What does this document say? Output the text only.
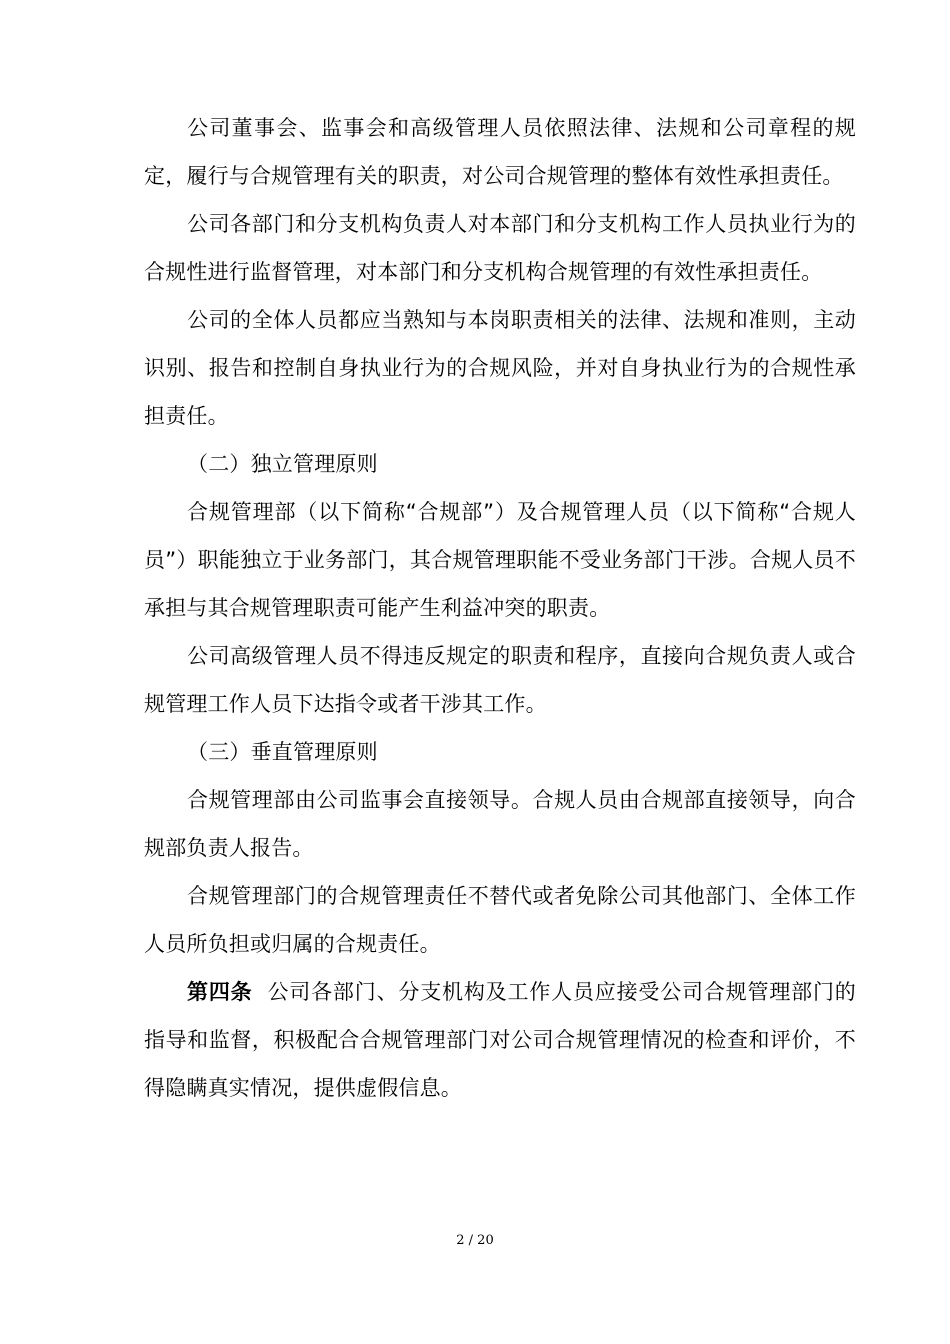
公司董事会、监事会和高级管理人员依照法律、法规和公司章程的规定，履行与合规管理有关的职责，对公司合规管理的整体有效性承担责任。

公司各部门和分支机构负责人对本部门和分支机构工作人员执业行为的合规性进行监督管理，对本部门和分支机构合规管理的有效性承担责任。

公司的全体人员都应当熟知与本岗职责相关的法律、法规和准则，主动识别、报告和控制自身执业行为的合规风险，并对自身执业行为的合规性承担责任。

（二）独立管理原则

合规管理部（以下简称“合规部”）及合规管理人员（以下简称“合规人员”）职能独立于业务部门，其合规管理职能不受业务部门干涉。合规人员不承担与其合规管理职责可能产生利益冲突的职责。

公司高级管理人员不得违反规定的职责和程序，直接向合规负责人或合规管理工作人员下达指令或者干涉其工作。

（三）垂直管理原则

合规管理部由公司监事会直接领导。合规人员由合规部直接领导，向合规部负责人报告。

合规管理部门的合规管理责任不替代或者免除公司其他部门、全体工作人员所负担或归属的合规责任。

第四条 公司各部门、分支机构及工作人员应接受公司合规管理部门的指导和监督，积极配合合规管理部门对公司合规管理情况的检查和评价，不得隐瞒真实情况，提供虚假信息。

2 / 20
